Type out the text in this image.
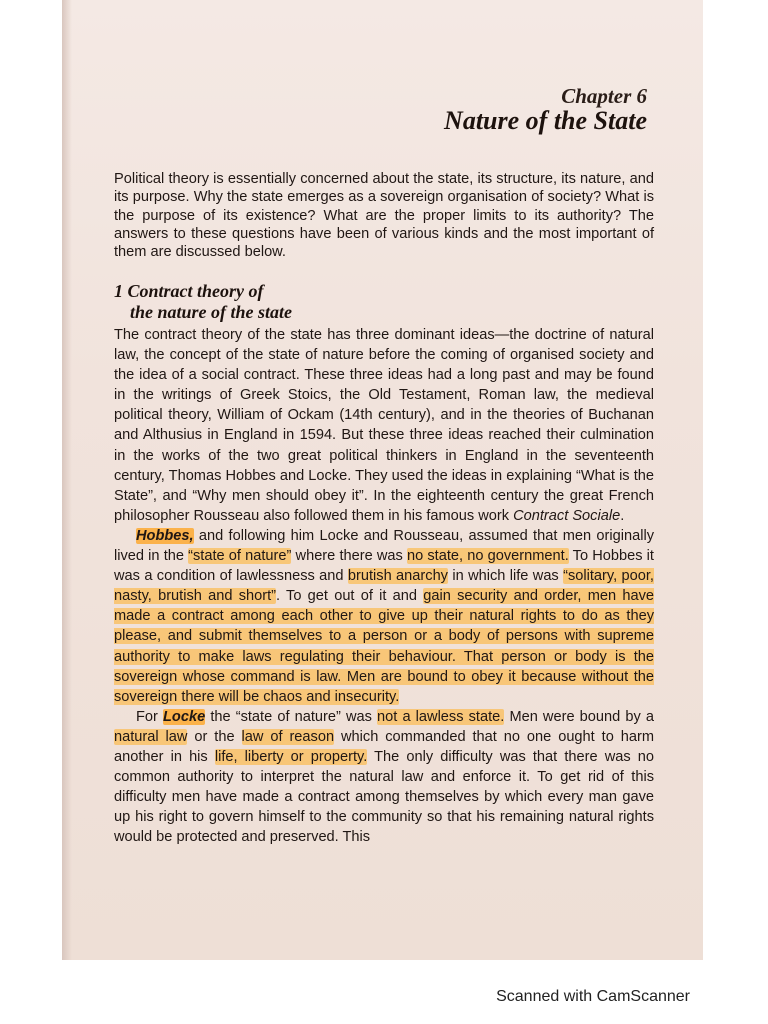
Chapter 6
Nature of the State

Political theory is essentially concerned about the state, its structure, its nature, and its purpose. Why the state emerges as a sovereign organisation of society? What is the purpose of its existence? What are the proper limits to its authority? The answers to these questions have been of various kinds and the most important of them are discussed below.

1 Contract theory of
the nature of the state

The contract theory of the state has three dominant ideas—the doctrine of natural law, the concept of the state of nature before the coming of organised society and the idea of a social contract. These three ideas had a long past and may be found in the writings of Greek Stoics, the Old Testament, Roman law, the medieval political theory, William of Ockam (14th century), and in the theories of Buchanan and Althusius in England in 1594. But these three ideas reached their culmination in the works of the two great political thinkers in England in the seventeenth century, Thomas Hobbes and Locke. They used the ideas in explaining “What is the State”, and “Why men should obey it”. In the eighteenth century the great French philosopher Rousseau also followed them in his famous work Contract Sociale.

Hobbes, and following him Locke and Rousseau, assumed that men originally lived in the “state of nature” where there was no state, no government. To Hobbes it was a condition of lawlessness and brutish anarchy in which life was “solitary, poor, nasty, brutish and short”. To get out of it and gain security and order, men have made a contract among each other to give up their natural rights to do as they please, and submit themselves to a person or a body of persons with supreme authority to make laws regulating their behaviour. That person or body is the sovereign whose command is law. Men are bound to obey it because without the sovereign there will be chaos and insecurity.

For Locke the “state of nature” was not a lawless state. Men were bound by a natural law or the law of reason which commanded that no one ought to harm another in his life, liberty or property. The only difficulty was that there was no common authority to interpret the natural law and enforce it. To get rid of this difficulty men have made a contract among themselves by which every man gave up his right to govern himself to the community so that his remaining natural rights would be protected and preserved. This

Scanned with CamScanner
